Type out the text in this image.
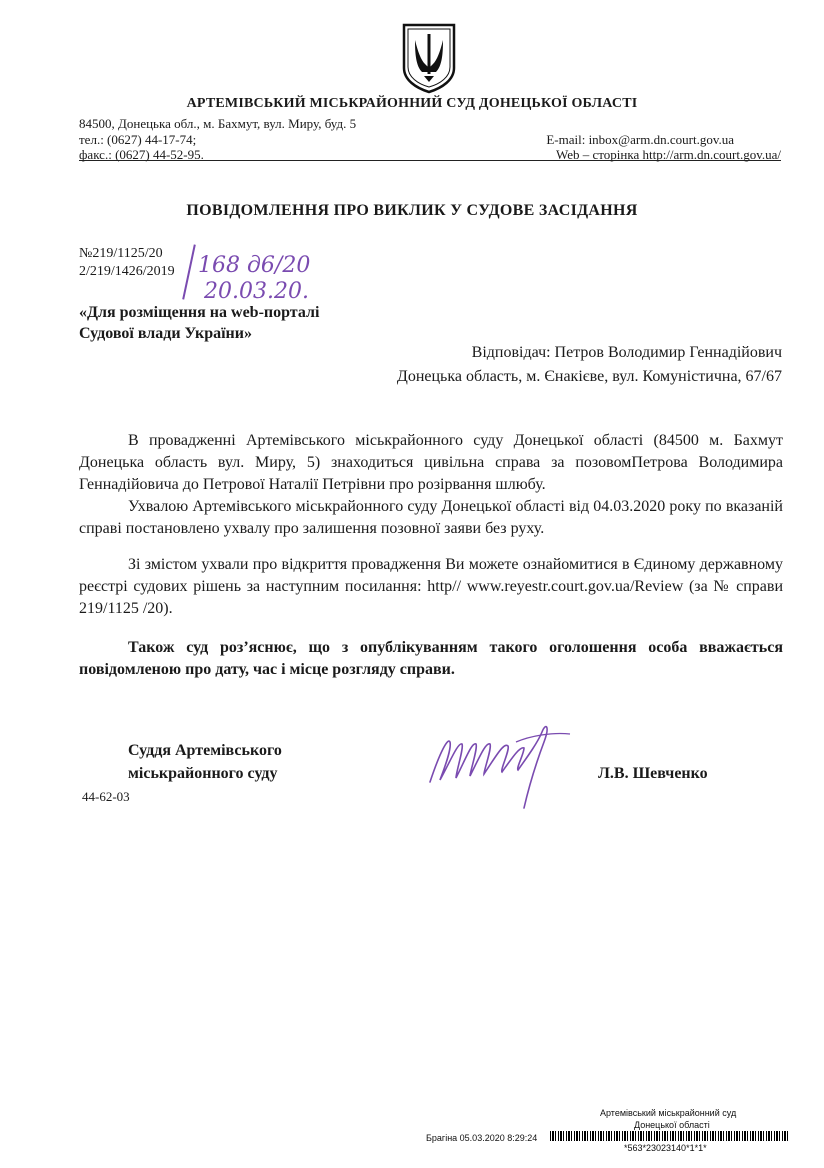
АРТЕМІВСЬКИЙ МІСЬКРАЙОННИЙ СУД ДОНЕЦЬКОЇ ОБЛАСТІ
84500, Донецька обл., м. Бахмут, вул. Миру, буд. 5
тел.: (0627) 44-17-74;
факс.: (0627) 44-52-95.
E-mail: inbox@arm.dn.court.gov.ua
Web – сторінка http://arm.dn.court.gov.ua/
ПОВІДОМЛЕННЯ ПРО ВИКЛИК У СУДОВЕ ЗАСІДАННЯ
№219/1125/20
2/219/1426/2019 168 д6/20
20.03.20.
«Для розміщення на web-порталі
Судової влади України»
Відповідач: Петров Володимир Геннадійович
Донецька область, м. Єнакієве, вул. Комуністична, 67/67

В провадженні Артемівського міськрайонного суду Донецької області (84500 м. Бахмут Донецька область вул. Миру, 5) знаходиться цивільна справа за позовомПетрова Володимира Геннадійовича до Петрової Наталії Петрівни про розірвання шлюбу.

Ухвалою Артемівського міськрайонного суду Донецької області від 04.03.2020 року по вказаній справі постановлено ухвалу про залишення позовної заяви без руху.

Зі змістом ухвали про відкриття провадження Ви можете ознайомитися в Єдиному державному реєстрі судових рішень за наступним посилання: http// www.reyestr.court.gov.ua/Review (за № справи 219/1125 /20).

Також суд роз’яснює, що з опублікуванням такого оголошення особа вважається повідомленою про дату, час і місце розгляду справи.

Суддя Артемівського
міськрайонного суду
44-62-03
Л.В. Шевченко
Артемівський міськрайонний суд
Донецької області
Брагіна 05.03.2020 8:29:24
*563*23023140*1*1*
